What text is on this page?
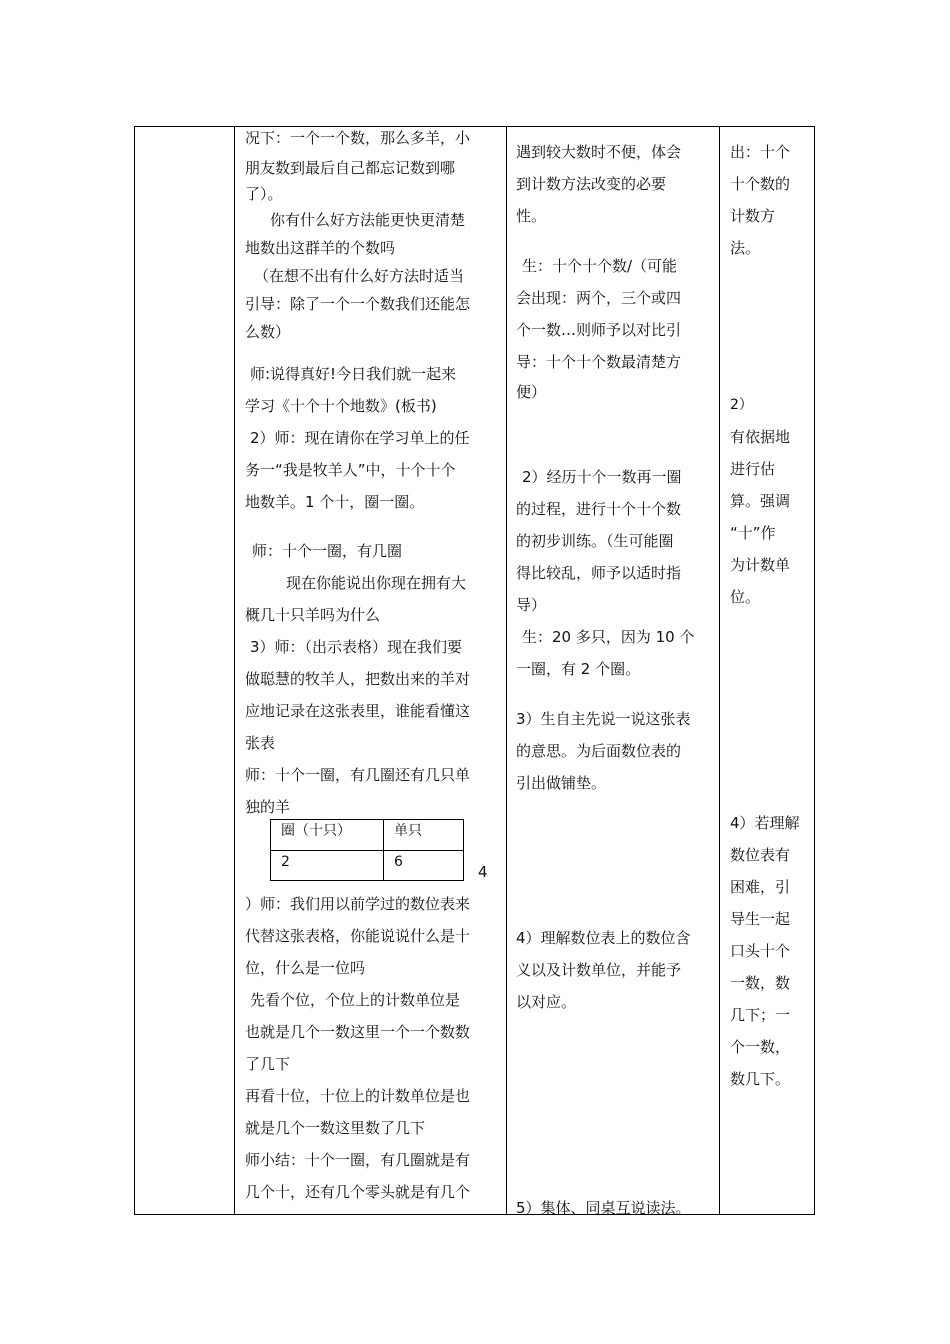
况下：一个一个数，那么多羊，小

朋友数到最后自己都忘记数到哪

了）。

你有什么好方法能更快更清楚

地数出这群羊的个数吗

（在想不出有什么好方法时适当

引导：除了一个一个数我们还能怎

么数）

师:说得真好!今日我们就一起来

学习《十个十个地数》(板书)

2）师：现在请你在学习单上的任

务一“我是牧羊人”中，十个十个

地数羊。1 个十，圈一圈。

师：十个一圈，有几圈

现在你能说出你现在拥有大

概几十只羊吗为什么

3）师：（出示表格）现在我们要

做聪慧的牧羊人，把数出来的羊对

应地记录在这张表里，谁能看懂这

张表

师：十个一圈，有几圈还有几只单

独的羊

圈（十只）	单只
2	6

4

）师：我们用以前学过的数位表来

代替这张表格，你能说说什么是十

位，什么是一位吗

先看个位，个位上的计数单位是

也就是几个一数这里一个一个数数

了几下

再看十位，十位上的计数单位是也

就是几个一数这里数了几下

师小结：十个一圈，有几圈就是有

几个十，还有几个零头就是有几个

遇到较大数时不便，体会

到计数方法改变的必要

性。

生：十个十个数/（可能

会出现：两个，三个或四

个一数…则师予以对比引

导：十个十个数最清楚方

便）

2）经历十个一数再一圈

的过程，进行十个十个数

的初步训练。（生可能圈

得比较乱，师予以适时指

导）

生：20 多只，因为 10 个

一圈，有 2 个圈。

3）生自主先说一说这张表

的意思。为后面数位表的

引出做铺垫。

4）理解数位表上的数位含

义以及计数单位，并能予

以对应。

5）集体、同桌互说读法。

出：十个

十个数的

计数方

法。

2）

有依据地

进行估

算。强调

“十”作

为计数单

位。

4）若理解

数位表有

困难，引

导生一起

口头十个

一数，数

几下；一

个一数，

数几下。
